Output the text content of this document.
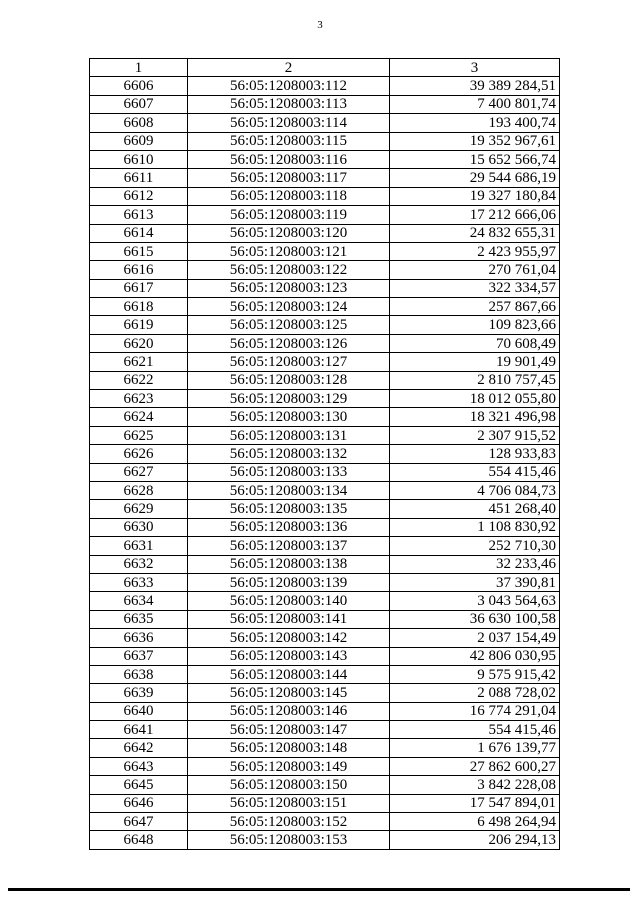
3
1	2	3
6606	56:05:1208003:112	39 389 284,51
6607	56:05:1208003:113	7 400 801,74
6608	56:05:1208003:114	193 400,74
6609	56:05:1208003:115	19 352 967,61
6610	56:05:1208003:116	15 652 566,74
6611	56:05:1208003:117	29 544 686,19
6612	56:05:1208003:118	19 327 180,84
6613	56:05:1208003:119	17 212 666,06
6614	56:05:1208003:120	24 832 655,31
6615	56:05:1208003:121	2 423 955,97
6616	56:05:1208003:122	270 761,04
6617	56:05:1208003:123	322 334,57
6618	56:05:1208003:124	257 867,66
6619	56:05:1208003:125	109 823,66
6620	56:05:1208003:126	70 608,49
6621	56:05:1208003:127	19 901,49
6622	56:05:1208003:128	2 810 757,45
6623	56:05:1208003:129	18 012 055,80
6624	56:05:1208003:130	18 321 496,98
6625	56:05:1208003:131	2 307 915,52
6626	56:05:1208003:132	128 933,83
6627	56:05:1208003:133	554 415,46
6628	56:05:1208003:134	4 706 084,73
6629	56:05:1208003:135	451 268,40
6630	56:05:1208003:136	1 108 830,92
6631	56:05:1208003:137	252 710,30
6632	56:05:1208003:138	32 233,46
6633	56:05:1208003:139	37 390,81
6634	56:05:1208003:140	3 043 564,63
6635	56:05:1208003:141	36 630 100,58
6636	56:05:1208003:142	2 037 154,49
6637	56:05:1208003:143	42 806 030,95
6638	56:05:1208003:144	9 575 915,42
6639	56:05:1208003:145	2 088 728,02
6640	56:05:1208003:146	16 774 291,04
6641	56:05:1208003:147	554 415,46
6642	56:05:1208003:148	1 676 139,77
6643	56:05:1208003:149	27 862 600,27
6645	56:05:1208003:150	3 842 228,08
6646	56:05:1208003:151	17 547 894,01
6647	56:05:1208003:152	6 498 264,94
6648	56:05:1208003:153	206 294,13
